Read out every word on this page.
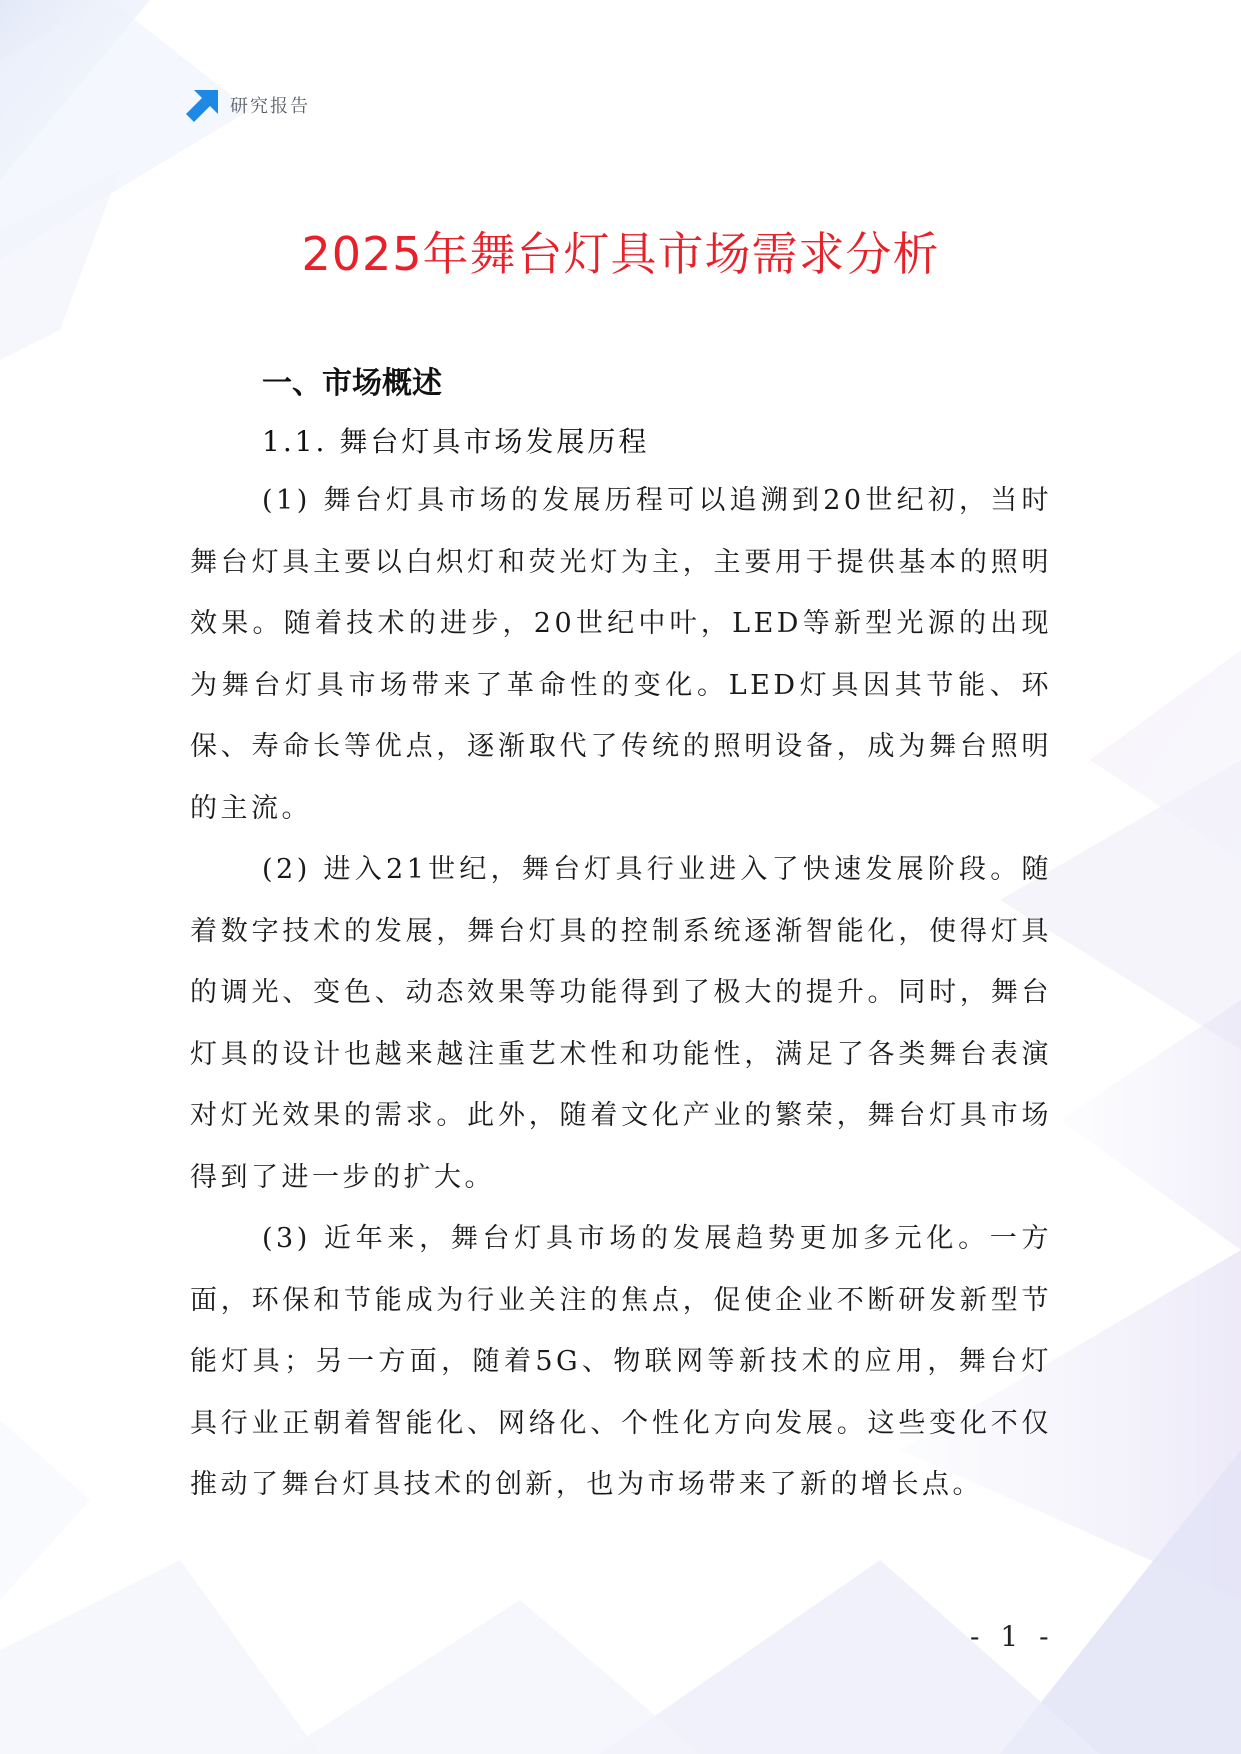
研究报告
2025年舞台灯具市场需求分析
一、市场概述
1.1. 舞台灯具市场发展历程

(1) 舞台灯具市场的发展历程可以追溯到20世纪初，当时舞台灯具主要以白炽灯和荧光灯为主，主要用于提供基本的照明效果。随着技术的进步，20世纪中叶，LED等新型光源的出现为舞台灯具市场带来了革命性的变化。LED灯具因其节能、环保、寿命长等优点，逐渐取代了传统的照明设备，成为舞台照明的主流。

(2) 进入21世纪，舞台灯具行业进入了快速发展阶段。随着数字技术的发展，舞台灯具的控制系统逐渐智能化，使得灯具的调光、变色、动态效果等功能得到了极大的提升。同时，舞台灯具的设计也越来越注重艺术性和功能性，满足了各类舞台表演对灯光效果的需求。此外，随着文化产业的繁荣，舞台灯具市场得到了进一步的扩大。

(3) 近年来，舞台灯具市场的发展趋势更加多元化。一方面，环保和节能成为行业关注的焦点，促使企业不断研发新型节能灯具；另一方面，随着5G、物联网等新技术的应用，舞台灯具行业正朝着智能化、网络化、个性化方向发展。这些变化不仅推动了舞台灯具技术的创新，也为市场带来了新的增长点。

- 1 -
